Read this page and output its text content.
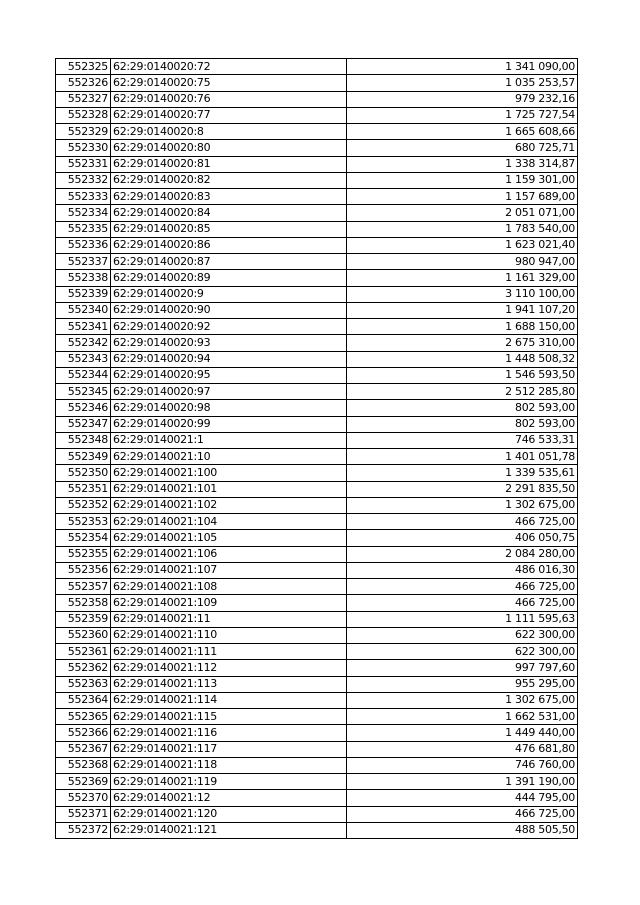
552325	62:29:0140020:72	1 341 090,00
552326	62:29:0140020:75	1 035 253,57
552327	62:29:0140020:76	979 232,16
552328	62:29:0140020:77	1 725 727,54
552329	62:29:0140020:8	1 665 608,66
552330	62:29:0140020:80	680 725,71
552331	62:29:0140020:81	1 338 314,87
552332	62:29:0140020:82	1 159 301,00
552333	62:29:0140020:83	1 157 689,00
552334	62:29:0140020:84	2 051 071,00
552335	62:29:0140020:85	1 783 540,00
552336	62:29:0140020:86	1 623 021,40
552337	62:29:0140020:87	980 947,00
552338	62:29:0140020:89	1 161 329,00
552339	62:29:0140020:9	3 110 100,00
552340	62:29:0140020:90	1 941 107,20
552341	62:29:0140020:92	1 688 150,00
552342	62:29:0140020:93	2 675 310,00
552343	62:29:0140020:94	1 448 508,32
552344	62:29:0140020:95	1 546 593,50
552345	62:29:0140020:97	2 512 285,80
552346	62:29:0140020:98	802 593,00
552347	62:29:0140020:99	802 593,00
552348	62:29:0140021:1	746 533,31
552349	62:29:0140021:10	1 401 051,78
552350	62:29:0140021:100	1 339 535,61
552351	62:29:0140021:101	2 291 835,50
552352	62:29:0140021:102	1 302 675,00
552353	62:29:0140021:104	466 725,00
552354	62:29:0140021:105	406 050,75
552355	62:29:0140021:106	2 084 280,00
552356	62:29:0140021:107	486 016,30
552357	62:29:0140021:108	466 725,00
552358	62:29:0140021:109	466 725,00
552359	62:29:0140021:11	1 111 595,63
552360	62:29:0140021:110	622 300,00
552361	62:29:0140021:111	622 300,00
552362	62:29:0140021:112	997 797,60
552363	62:29:0140021:113	955 295,00
552364	62:29:0140021:114	1 302 675,00
552365	62:29:0140021:115	1 662 531,00
552366	62:29:0140021:116	1 449 440,00
552367	62:29:0140021:117	476 681,80
552368	62:29:0140021:118	746 760,00
552369	62:29:0140021:119	1 391 190,00
552370	62:29:0140021:12	444 795,00
552371	62:29:0140021:120	466 725,00
552372	62:29:0140021:121	488 505,50
